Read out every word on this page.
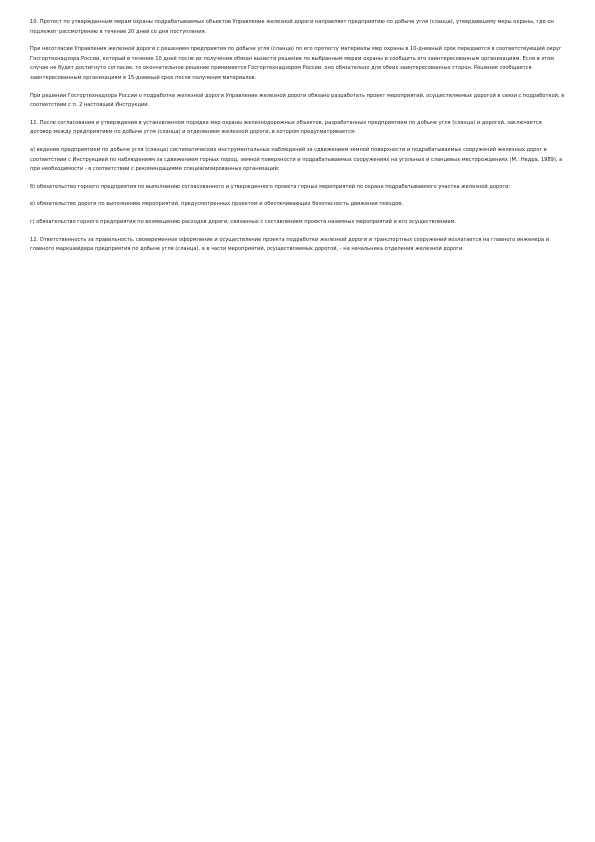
10. Протест по утвержденным мерам охраны подрабатываемых объектов Управление железной дороги направляет предприятию по добыче угля (сланца), утвердившему меры охраны, где он подлежит рассмотрению в течение 20 дней со дня поступления.

При несогласии Управления железной дороги с решением предприятия по добыче угля (сланца) по его протесту материалы мер охраны в 10-дневный срок передаются в соответствующий округ Госгортехнадзора России, который в течение 10 дней после их получения обязан вынести решение по выбранным мерам охраны и сообщить его заинтересованным организациям. Если в этом случае не будет достигнуто согласие, то окончательное решение принимается Госгортехнадзором России, оно обязательно для обеих заинтересованных сторон. Решение сообщается заинтересованным организациям в 15-дневный срок после получения материалов.

При решении Госгортехнадзора России о подработке железной дороги Управление железной дороги обязано разработать проект мероприятий, осуществляемых дорогой в связи с подработкой, в соответствии с п. 2 настоящей Инструкции.

11. После согласования и утверждения в установленном порядке мер охраны железнодорожных объектов, разработанных предприятием по добыче угля (сланца) и дорогой, заключается договор между предприятием по добыче угля (сланца) и отделением железной дороги, в котором предусматривается:

а) ведение предприятием по добыче угля (сланца) систематических инструментальных наблюдений за сдвижением земной поверхности и подрабатываемых сооружений железных дорог в соответствии с Инструкцией по наблюдениям за сдвижением горных пород, земной поверхности и подрабатываемых сооружениях на угольных и сланцевых месторождениях (М.: Недра, 1989), а при необходимости - в соответствии с рекомендациями специализированных организаций;

б) обязательство горного предприятия по выполнению согласованного и утвержденного проекта горных мероприятий по охране подрабатываемого участка железной дороги;

в) обязательство дороги по выполнению мероприятий, предусмотренных проектом и обеспечивающих безопасность движения поездов;

г) обязательство горного предприятия по возмещению расходов дороги, связанных с составлением проекта наземных мероприятий и его осуществлением.

12. Ответственность за правильность, своевременное оформление и осуществление проекта подработки железной дороги и транспортных сооружений возлагается на главного инженера и главного маркшейдера предприятия по добыче угля (сланца), а в части мероприятий, осуществляемых дорогой, - на начальника отделения железной дороги.
